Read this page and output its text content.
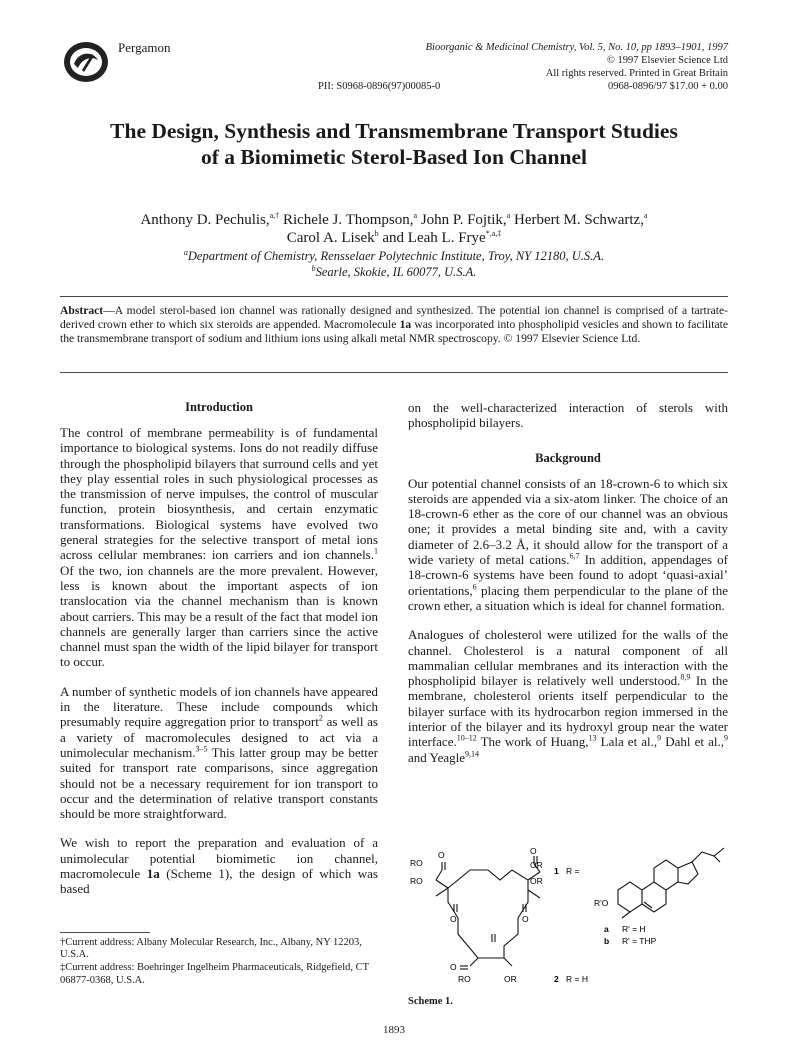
Pergamon	Bioorganic & Medicinal Chemistry, Vol. 5, No. 10, pp 1893–1901, 1997
© 1997 Elsevier Science Ltd
All rights reserved. Printed in Great Britain
0968-0896/97 $17.00 + 0.00
PII: S0968-0896(97)00085-0
The Design, Synthesis and Transmembrane Transport Studies
of a Biomimetic Sterol-Based Ion Channel
Anthony D. Pechulis,$^{a,\dagger}$ Richele J. Thompson,$^a$ John P. Fojtik,$^a$ Herbert M. Schwartz,$^a$
Carol A. Lisek$^b$ and Leah L. Frye$^{*,a,\ddagger}$
$^a$Department of Chemistry, Rensselaer Polytechnic Institute, Troy, NY 12180, U.S.A.
$^b$Searle, Skokie, IL 60077, U.S.A.
Abstract—A model sterol-based ion channel was rationally designed and synthesized. The potential ion channel is comprised of a tartrate-derived crown ether to which six steroids are appended. Macromolecule 1a was incorporated into phospholipid vesicles and shown to facilitate the transmembrane transport of sodium and lithium ions using alkali metal NMR spectroscopy. © 1997 Elsevier Science Ltd.
Introduction

The control of membrane permeability is of fundamental importance to biological systems. Ions do not readily diffuse through the phospholipid bilayers that surround cells and yet they play essential roles in such physiological processes as the transmission of nerve impulses, the control of muscular function, protein biosynthesis, and certain enzymatic transformations. Biological systems have evolved two general strategies for the selective transport of metal ions across cellular membranes: ion carriers and ion channels.$^1$ Of the two, ion channels are the more prevalent. However, less is known about the important aspects of ion translocation via the channel mechanism than is known about carriers. This may be a result of the fact that model ion channels are generally larger than carriers since the active channel must span the width of the lipid bilayer for transport to occur.

A number of synthetic models of ion channels have appeared in the literature. These include compounds which presumably require aggregation prior to transport$^2$ as well as a variety of macromolecules designed to act via a unimolecular mechanism.$^{3-5}$ This latter group may be better suited for transport rate comparisons, since aggregation should not be a necessary requirement for ion transport to occur and the determination of relative transport constants should be more straightforward.

We wish to report the preparation and evaluation of a unimolecular potential biomimetic ion channel, macromolecule 1a (Scheme 1), the design of which was based

†Current address: Albany Molecular Research, Inc., Albany, NY 12203, U.S.A.
‡Current address: Boehringer Ingelheim Pharmaceuticals, Ridgefield, CT 06877-0368, U.S.A.

on the well-characterized interaction of sterols with phospholipid bilayers.

Background

Our potential channel consists of an 18-crown-6 to which six steroids are appended via a six-atom linker. The choice of an 18-crown-6 ether as the core of our channel was an obvious one; it provides a metal binding site and, with a cavity diameter of 2.6–3.2 Å, it should allow for the transport of a wide variety of metal cations.$^{6,7}$ In addition, appendages of 18-crown-6 systems have been found to adopt ‘quasi-axial’ orientations,$^6$ placing them perpendicular to the plane of the crown ether, a situation which is ideal for channel formation.

Analogues of cholesterol were utilized for the walls of the channel. Cholesterol is a natural component of all mammalian cellular membranes and its interaction with the phospholipid bilayer is relatively well understood.$^{8,9}$ In the membrane, cholesterol orients itself perpendicular to the bilayer surface with its hydrocarbon region immersed in the interior of the bilayer and its hydroxyl group near the water interface.$^{10-12}$ The work of Huang,$^{13}$ Lala et al.,$^9$ Dahl et al.,$^9$ and Yeagle$^{9,14}$

RO
RO
OR
OR
O	O
O	O
O
RO	OR
1 R =
R'O
a R' = H
b R' = THP
2 R = H
Scheme 1.
1893
